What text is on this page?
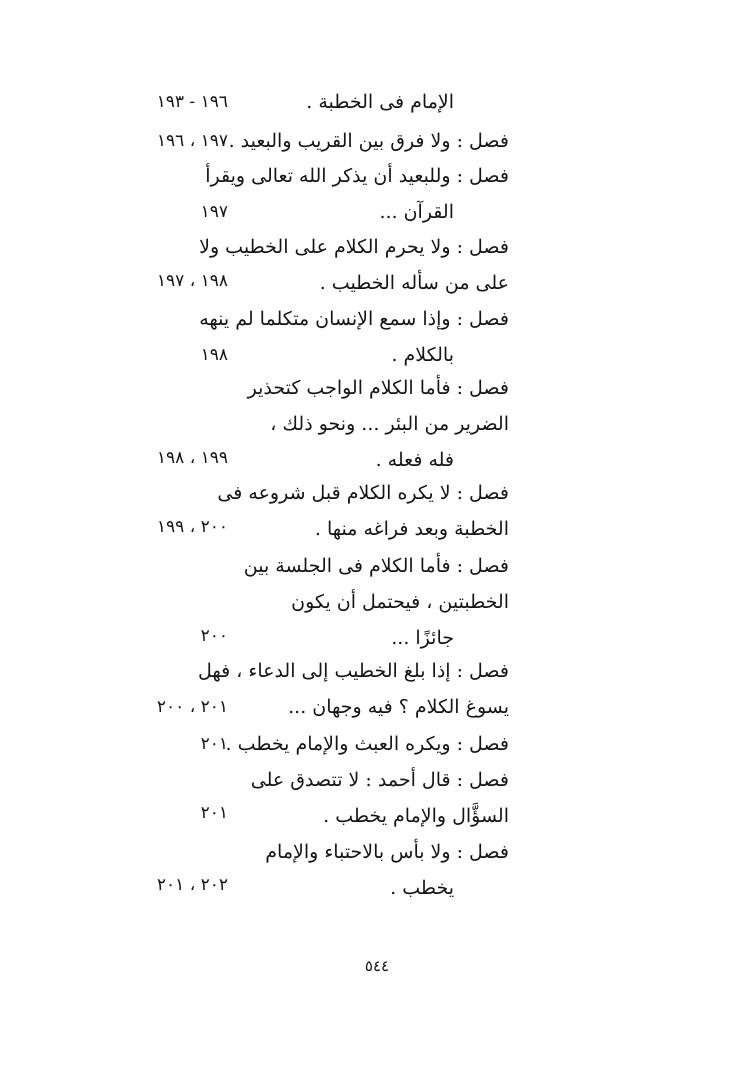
الإمام فى الخطبة .
١٩٦ - ١٩٣
فصل : ولا فرق بين القريب والبعيد .
١٩٧ ، ١٩٦
فصل : وللبعيد أن يذكر الله تعالى ويقرأ
القرآن ...
١٩٧
فصل : ولا يحرم الكلام على الخطيب ولا
على من سأله الخطيب .
١٩٨ ، ١٩٧
فصل : وإذا سمع الإنسان متكلما لم ينهه
بالكلام .
١٩٨
فصل : فأما الكلام الواجب كتحذير
الضرير من البئر ... ونحو ذلك ،
فله فعله .
١٩٩ ، ١٩٨
فصل : لا يكره الكلام قبل شروعه فى
الخطبة وبعد فراغه منها .
٢٠٠ ، ١٩٩
فصل : فأما الكلام فى الجلسة بين
الخطبتين ، فيحتمل أن يكون
جائزًا ...
٢٠٠
فصل : إذا بلغ الخطيب إلى الدعاء ، فهل
يسوغ الكلام ؟ فيه وجهان ...
٢٠١ ، ٢٠٠
فصل : ويكره العبث والإمام يخطب .
٢٠١
فصل : قال أحمد : لا تتصدق على
السؤَّال والإمام يخطب .
٢٠١
فصل : ولا بأس بالاحتباء والإمام
يخطب .
٢٠٢ ، ٢٠١
٥٤٤
